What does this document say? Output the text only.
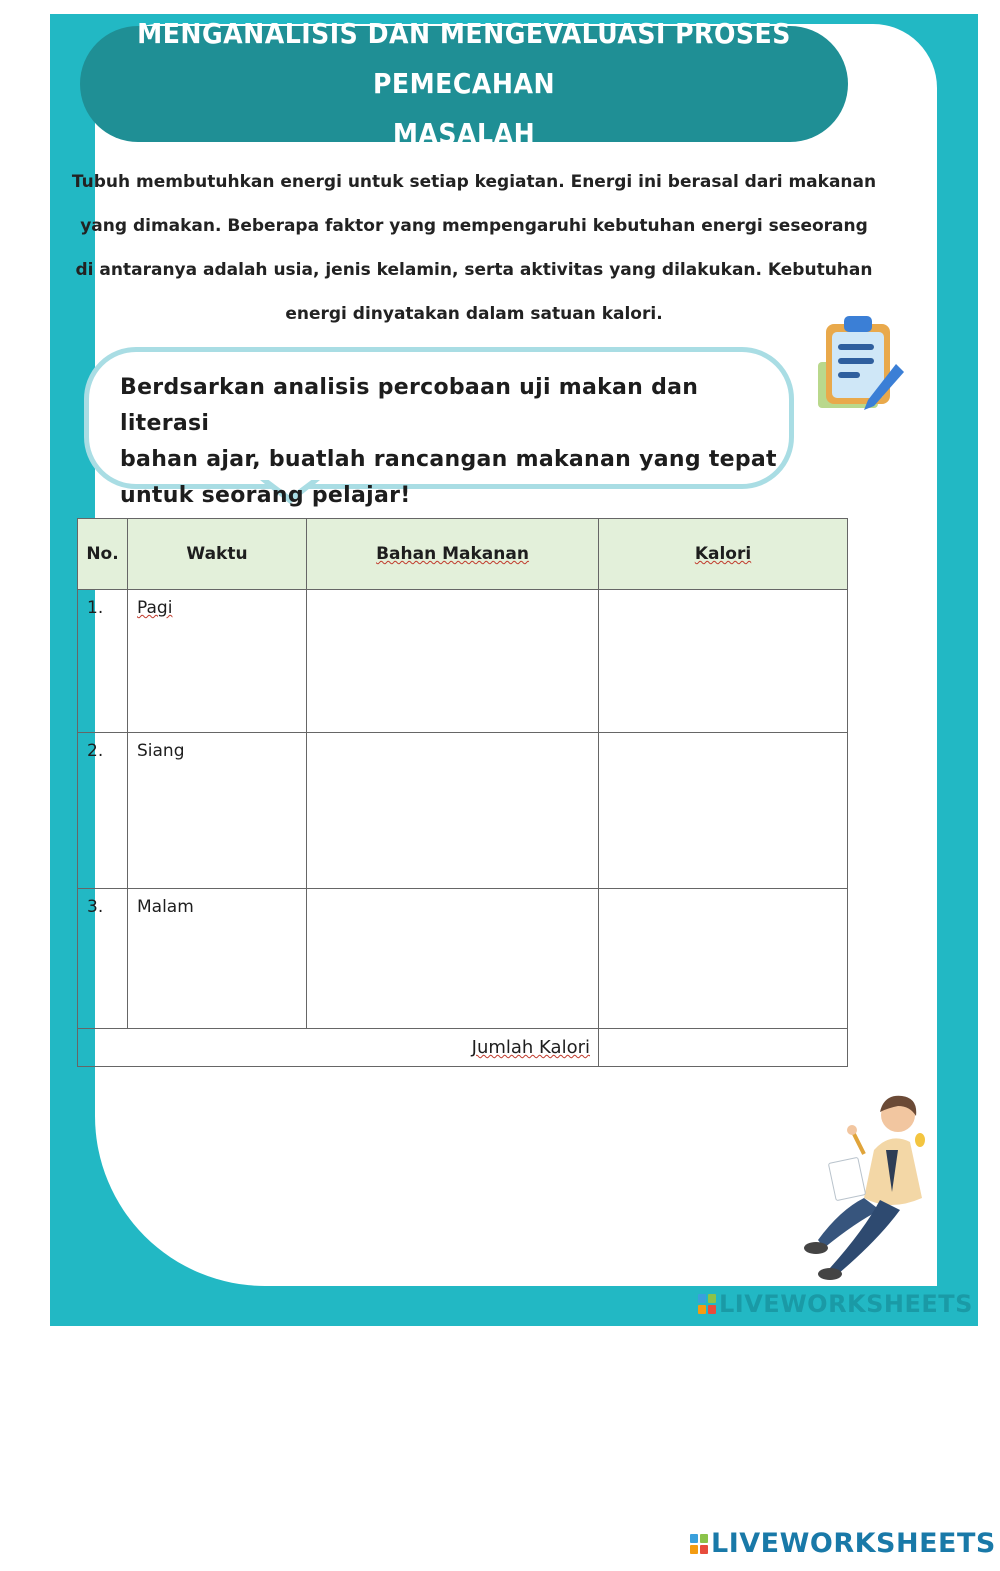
MENGANALISIS DAN MENGEVALUASI PROSES PEMECAHAN
MASALAH
Tubuh membutuhkan energi untuk setiap kegiatan. Energi ini berasal dari makanan
yang dimakan. Beberapa faktor yang mempengaruhi kebutuhan energi seseorang
di antaranya adalah usia, jenis kelamin, serta aktivitas yang dilakukan. Kebutuhan
energi dinyatakan dalam satuan kalori.
Berdsarkan analisis percobaan uji makan dan literasi
bahan ajar, buatlah rancangan makanan yang tepat
untuk seorang pelajar!
No.	Waktu	Bahan Makanan	Kalori

1.	Pagi		

2.	Siang		

3.	Malam		

Jumlah Kalori			

LIVEWORKSHEETS
LIVEWORKSHEETS
